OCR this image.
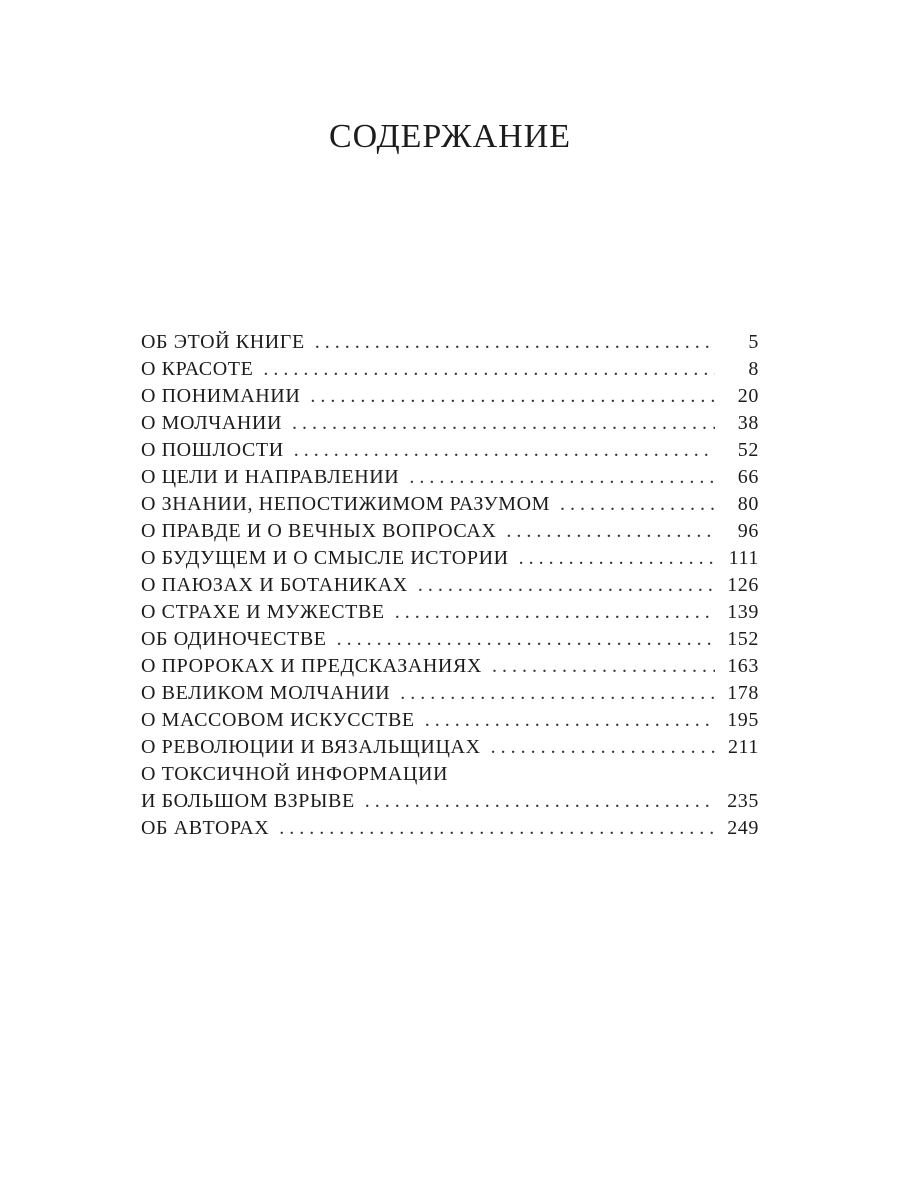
СОДЕРЖАНИЕ
ОБ ЭТОЙ КНИГЕ . . .	5
О КРАСОТЕ . . .	8
О ПОНИМАНИИ . . .	20
О МОЛЧАНИИ . . .	38
О ПОШЛОСТИ . . .	52
О ЦЕЛИ И НАПРАВЛЕНИИ . . .	66
О ЗНАНИИ, НЕПОСТИЖИМОМ РАЗУМОМ . . .	80
О ПРАВДЕ И О ВЕЧНЫХ ВОПРОСАХ . . .	96
О БУДУЩЕМ И О СМЫСЛЕ ИСТОРИИ . . .	111
О ПАЮЗАХ И БОТАНИКАХ . . .	126
О СТРАХЕ И МУЖЕСТВЕ . . .	139
ОБ ОДИНОЧЕСТВЕ . . .	152
О ПРОРОКАХ И ПРЕДСКАЗАНИЯХ . . .	163
О ВЕЛИКОМ МОЛЧАНИИ . . .	178
О МАССОВОМ ИСКУССТВЕ . . .	195
О РЕВОЛЮЦИИ И ВЯЗАЛЬЩИЦАХ . . .	211
О ТОКСИЧНОЙ ИНФОРМАЦИИ
И БОЛЬШОМ ВЗРЫВЕ . . .	235
ОБ АВТОРАХ . . .	249
